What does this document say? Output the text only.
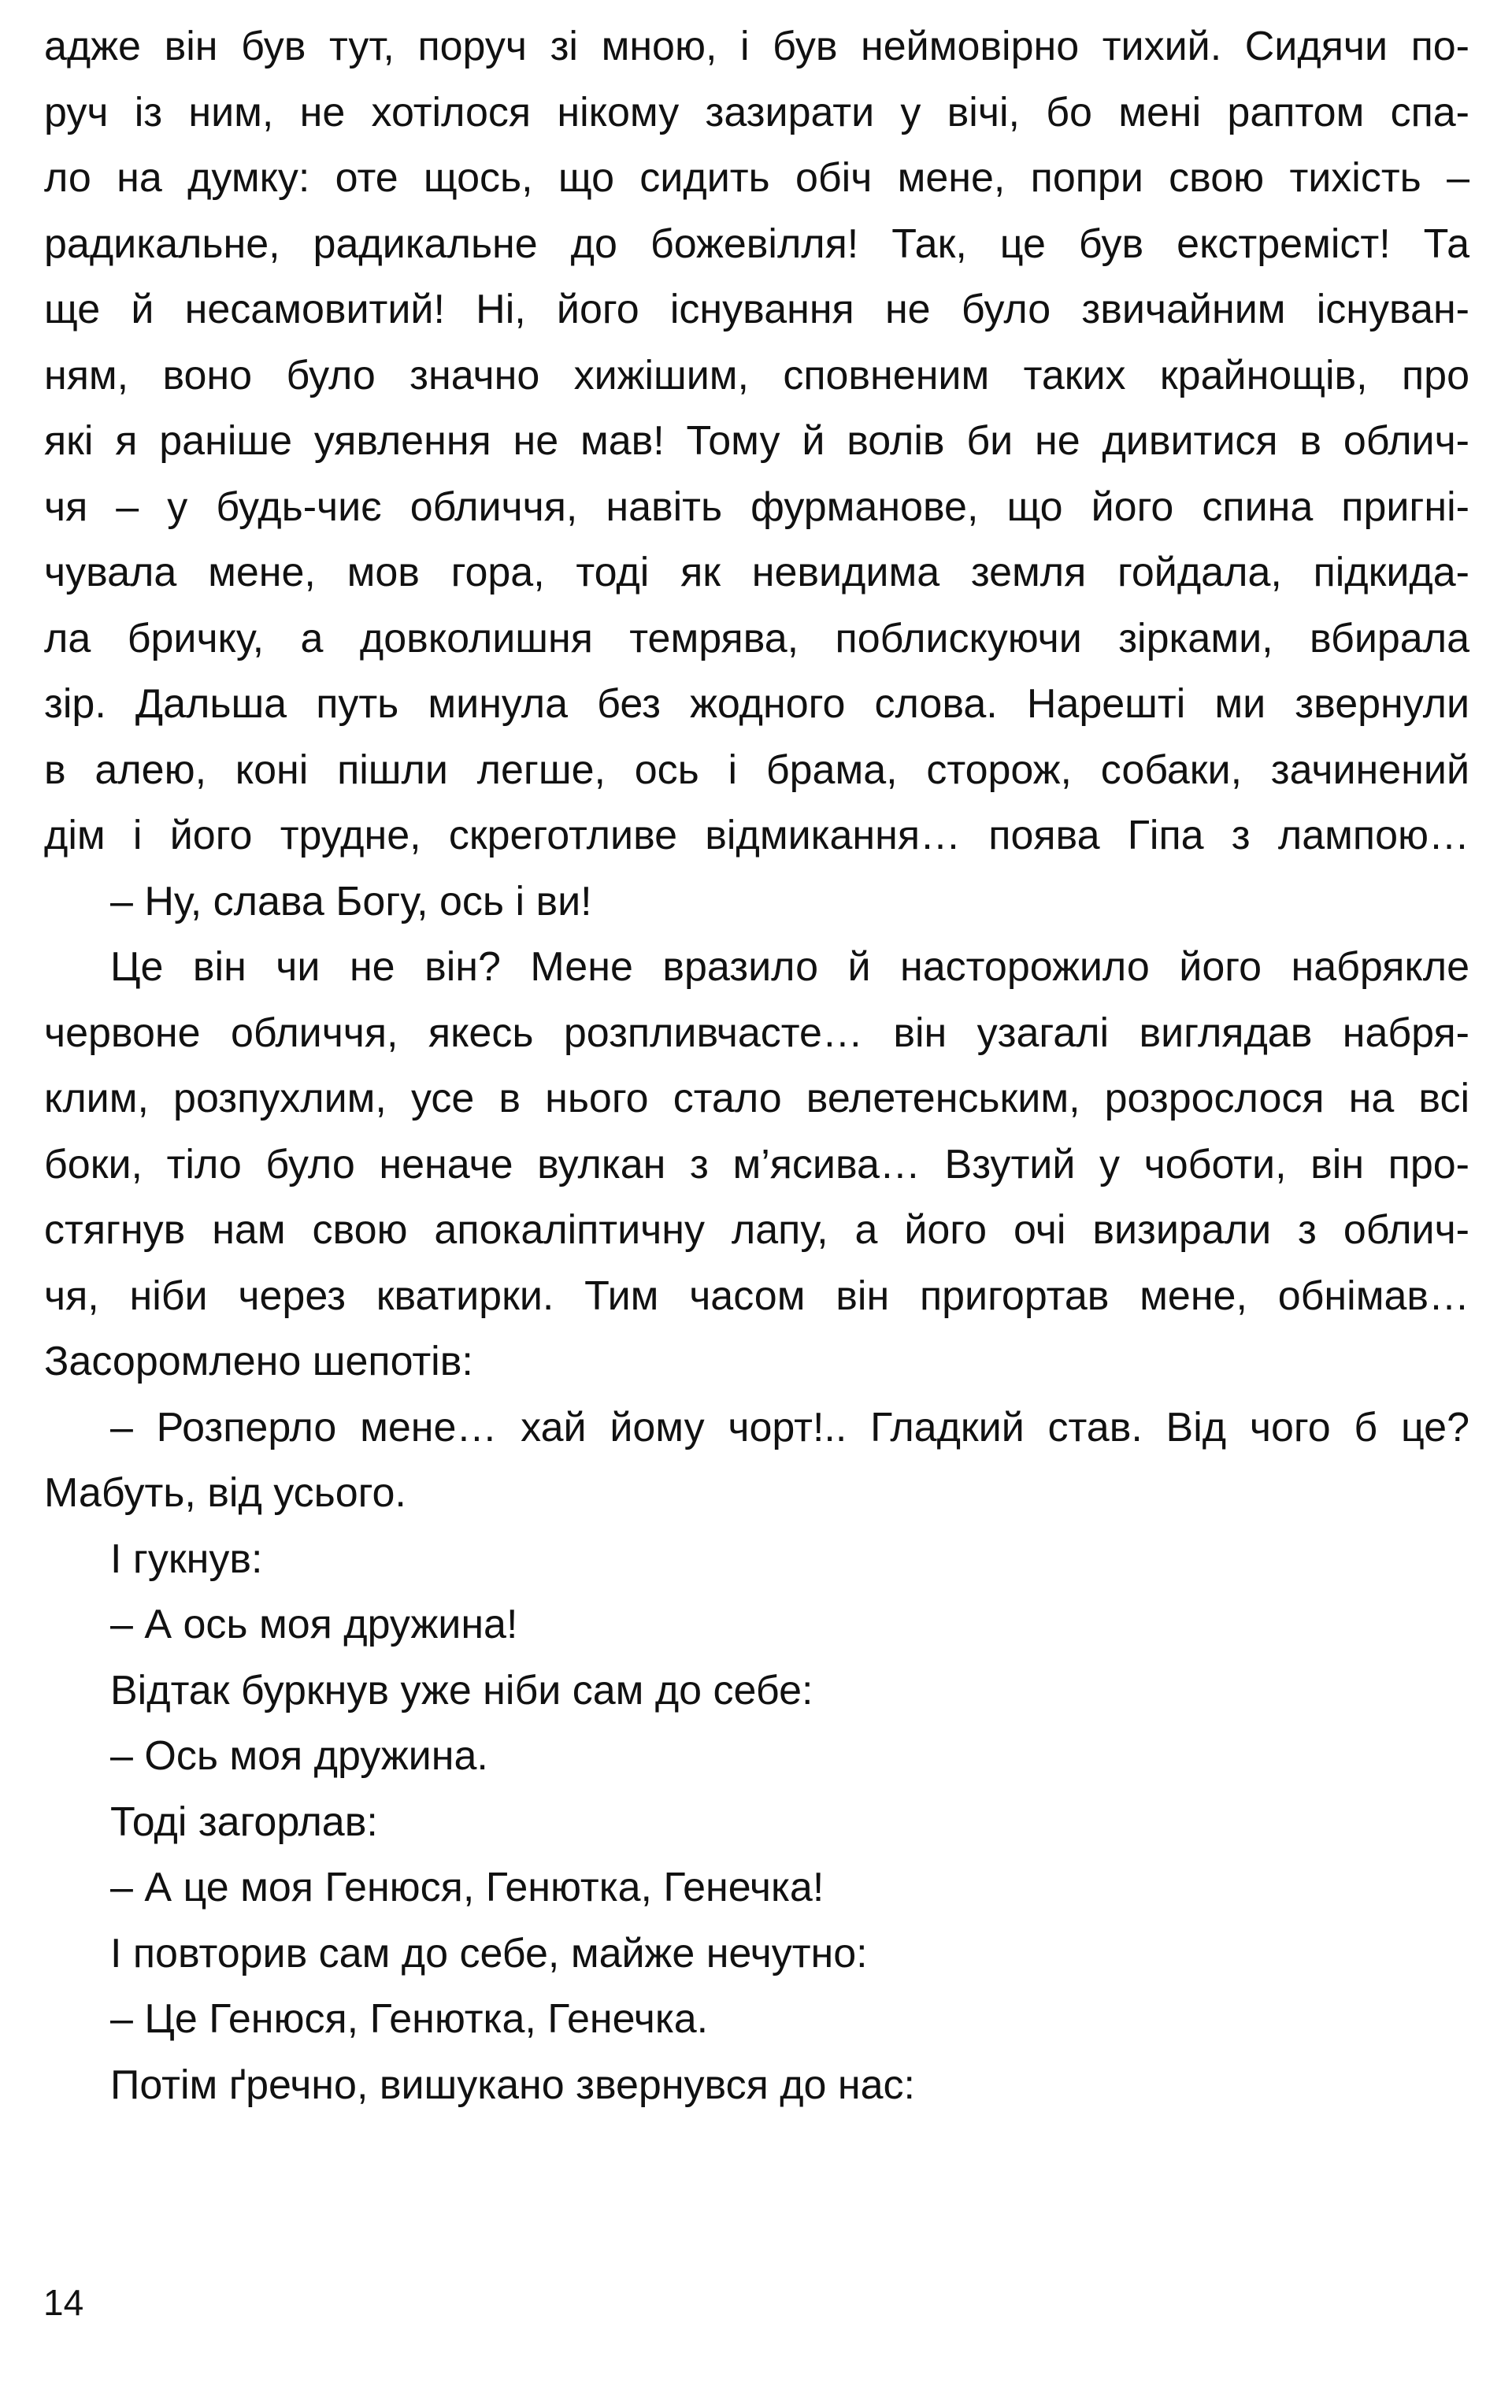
адже він був тут, поруч зі мною, і був неймовірно тихий. Сидячи по-
руч із ним, не хотілося нікому зазирати у вічі, бо мені раптом спа-
ло на думку: оте щось, що сидить обіч мене, попри свою тихість –
радикальне, радикальне до божевілля! Так, це був екстреміст! Та
ще й несамовитий! Ні, його існування не було звичайним існуван-
ням, воно було значно хижішим, сповненим таких крайнощів, про
які я раніше уявлення не мав! Тому й волів би не дивитися в облич-
чя – у будь-чиє обличчя, навіть фурманове, що його спина пригні-
чувала мене, мов гора, тоді як невидима земля гойдала, підкида-
ла бричку, а довколишня темрява, поблискуючи зірками, вбирала
зір. Дальша путь минула без жодного слова. Нарешті ми звернули
в алею, коні пішли легше, ось і брама, сторож, собаки, зачинений
дім і його трудне, скреготливе відмикання… поява Гіпа з лампою…
– Ну, слава Богу, ось і ви!
Це він чи не він? Мене вразило й насторожило його набрякле
червоне обличчя, якесь розпливчасте… він узагалі виглядав набря-
клим, розпухлим, усе в нього стало велетенським, розрослося на всі
боки, тіло було неначе вулкан з м’ясива… Взутий у чоботи, він про-
стягнув нам свою апокаліптичну лапу, а його очі визирали з облич-
чя, ніби через кватирки. Тим часом він пригортав мене, обнімав…
Засоромлено шепотів:
– Розперло мене… хай йому чорт!.. Гладкий став. Від чого б це?
Мабуть, від усього.
І гукнув:
– А ось моя дружина!
Відтак буркнув уже ніби сам до себе:
– Ось моя дружина.
Тоді загорлав:
– А це моя Генюся, Генютка, Генечка!
І повторив сам до себе, майже нечутно:
– Це Генюся, Генютка, Генечка.
Потім ґречно, вишукано звернувся до нас:
14
